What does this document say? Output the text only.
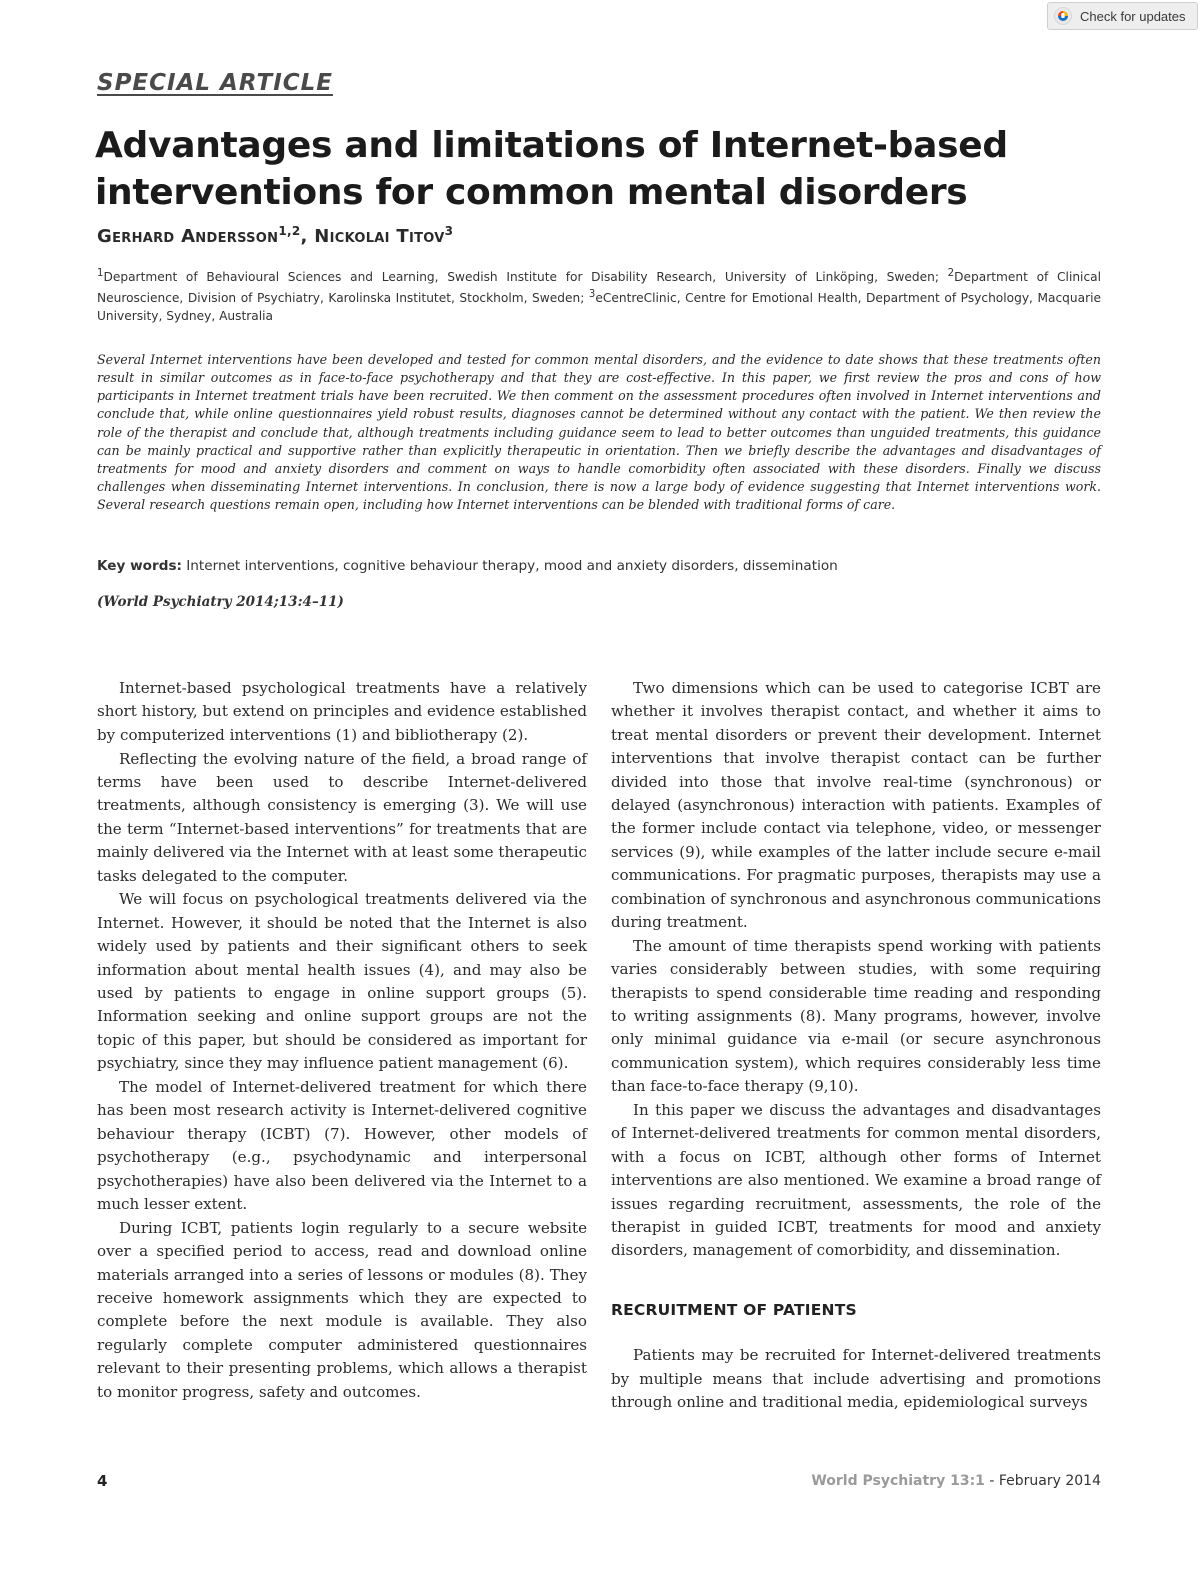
Check for updates
SPECIAL ARTICLE
Advantages and limitations of Internet-based
interventions for common mental disorders
Gerhard Andersson$^{1,2}$, Nickolai Titov$^3$

$^1$Department of Behavioural Sciences and Learning, Swedish Institute for Disability Research, University of Linköping, Sweden; $^2$Department of Clinical Neuroscience, Division of Psychiatry, Karolinska Institutet, Stockholm, Sweden; $^3$eCentreClinic, Centre for Emotional Health, Department of Psychology, Macquarie University, Sydney, Australia

Several Internet interventions have been developed and tested for common mental disorders, and the evidence to date shows that these treatments often result in similar outcomes as in face-to-face psychotherapy and that they are cost-effective. In this paper, we first review the pros and cons of how participants in Internet treatment trials have been recruited. We then comment on the assessment procedures often involved in Internet interventions and conclude that, while online questionnaires yield robust results, diagnoses cannot be determined without any contact with the patient. We then review the role of the therapist and conclude that, although treatments including guidance seem to lead to better outcomes than unguided treatments, this guidance can be mainly practical and supportive rather than explicitly therapeutic in orientation. Then we briefly describe the advantages and disadvantages of treatments for mood and anxiety disorders and comment on ways to handle comorbidity often associated with these disorders. Finally we discuss challenges when disseminating Internet interventions. In conclusion, there is now a large body of evidence suggesting that Internet interventions work. Several research questions remain open, including how Internet interventions can be blended with traditional forms of care.

Key words: Internet interventions, cognitive behaviour therapy, mood and anxiety disorders, dissemination
(World Psychiatry 2014;13:4–11)

Internet-based psychological treatments have a relatively short history, but extend on principles and evidence established by computerized interventions (1) and bibliotherapy (2).

Reflecting the evolving nature of the field, a broad range of terms have been used to describe Internet-delivered treatments, although consistency is emerging (3). We will use the term “Internet-based interventions” for treatments that are mainly delivered via the Internet with at least some therapeutic tasks delegated to the computer.

We will focus on psychological treatments delivered via the Internet. However, it should be noted that the Internet is also widely used by patients and their significant others to seek information about mental health issues (4), and may also be used by patients to engage in online support groups (5). Information seeking and online support groups are not the topic of this paper, but should be considered as important for psychiatry, since they may influence patient management (6).

The model of Internet-delivered treatment for which there has been most research activity is Internet-delivered cognitive behaviour therapy (ICBT) (7). However, other models of psychotherapy (e.g., psychodynamic and interpersonal psychotherapies) have also been delivered via the Internet to a much lesser extent.

During ICBT, patients login regularly to a secure website over a specified period to access, read and download online materials arranged into a series of lessons or modules (8). They receive homework assignments which they are expected to complete before the next module is available. They also regularly complete computer administered questionnaires relevant to their presenting problems, which allows a therapist to monitor progress, safety and outcomes.

Two dimensions which can be used to categorise ICBT are whether it involves therapist contact, and whether it aims to treat mental disorders or prevent their development. Internet interventions that involve therapist contact can be further divided into those that involve real-time (synchronous) or delayed (asynchronous) interaction with patients. Examples of the former include contact via telephone, video, or messenger services (9), while examples of the latter include secure e-mail communications. For pragmatic purposes, therapists may use a combination of synchronous and asynchronous communications during treatment.

The amount of time therapists spend working with patients varies considerably between studies, with some requiring therapists to spend considerable time reading and responding to writing assignments (8). Many programs, however, involve only minimal guidance via e-mail (or secure asynchronous communication system), which requires considerably less time than face-to-face therapy (9,10).

In this paper we discuss the advantages and disadvantages of Internet-delivered treatments for common mental disorders, with a focus on ICBT, although other forms of Internet interventions are also mentioned. We examine a broad range of issues regarding recruitment, assessments, the role of the therapist in guided ICBT, treatments for mood and anxiety disorders, management of comorbidity, and dissemination.

RECRUITMENT OF PATIENTS

Patients may be recruited for Internet-delivered treatments by multiple means that include advertising and promotions through online and traditional media, epidemiological surveys

4	World Psychiatry 13:1 - February 2014
